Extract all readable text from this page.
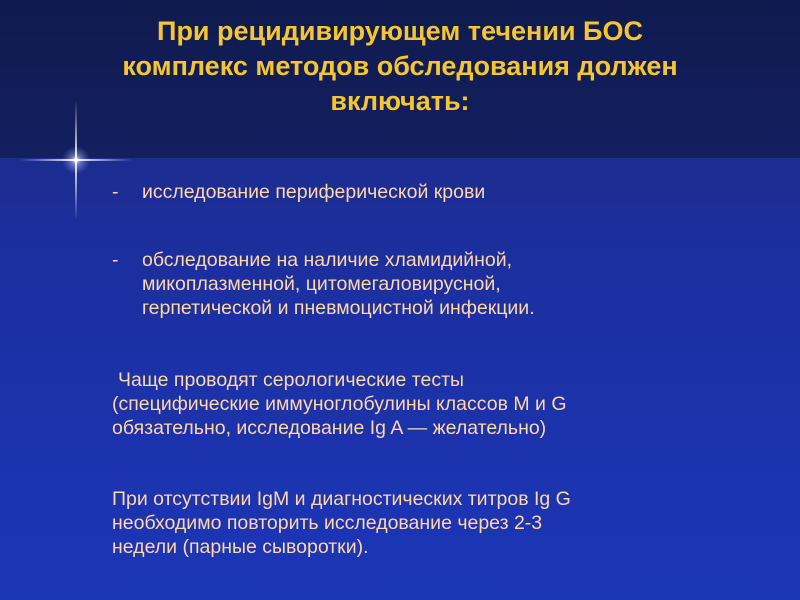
При рецидивирующем течении БОС
комплекс методов обследования должен
включать:
- исследование периферической крови
- обследование на наличие хламидийной,
микоплазменной, цитомегаловирусной,
герпетической и пневмоцистной инфекции.
Чаще проводят серологические тесты
(специфические иммуноглобулины классов М и G
обязательно, исследование Ig A — желательно)
При отсутствии IgM и диагностических титров Ig G
необходимо повторить исследование через 2-3
недели (парные сыворотки).
